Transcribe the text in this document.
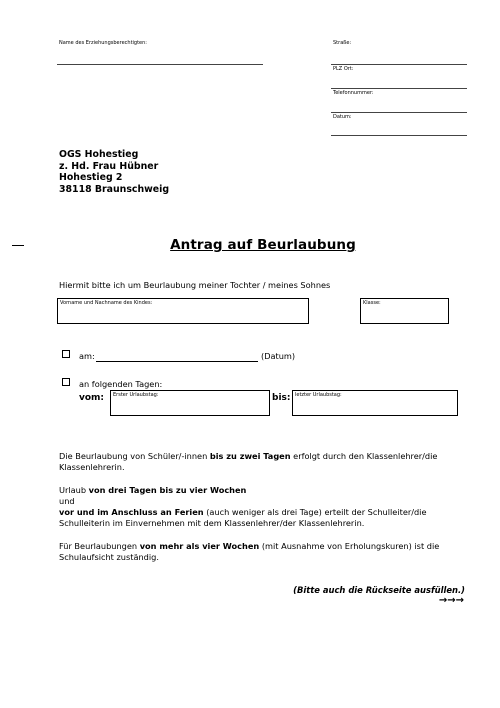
Name des Erziehungsberechtigten:	Straße:
PLZ Ort:
Telefonnummer:
Datum:
OGS Hohestieg
z. Hd. Frau Hübner
Hohestieg 2
38118 Braunschweig
Antrag auf Beurlaubung
Hiermit bitte ich um Beurlaubung meiner Tochter / meines Sohnes
Vorname und Nachname des Kindes:	Klasse:
am:	(Datum)
an folgenden Tagen:
vom: Erster Urlaubstag:	bis: letzter Urlaubstag:
Die Beurlaubung von Schüler/-innen bis zu zwei Tagen erfolgt durch den Klassenlehrer/die
Klassenlehrerin.
Urlaub von drei Tagen bis zu vier Wochen
und
vor und im Anschluss an Ferien (auch weniger als drei Tage) erteilt der Schulleiter/die
Schulleiterin im Einvernehmen mit dem Klassenlehrer/der Klassenlehrerin.
Für Beurlaubungen von mehr als vier Wochen (mit Ausnahme von Erholungskuren) ist die
Schulaufsicht zuständig.
(Bitte auch die Rückseite ausfüllen.)
→→→
